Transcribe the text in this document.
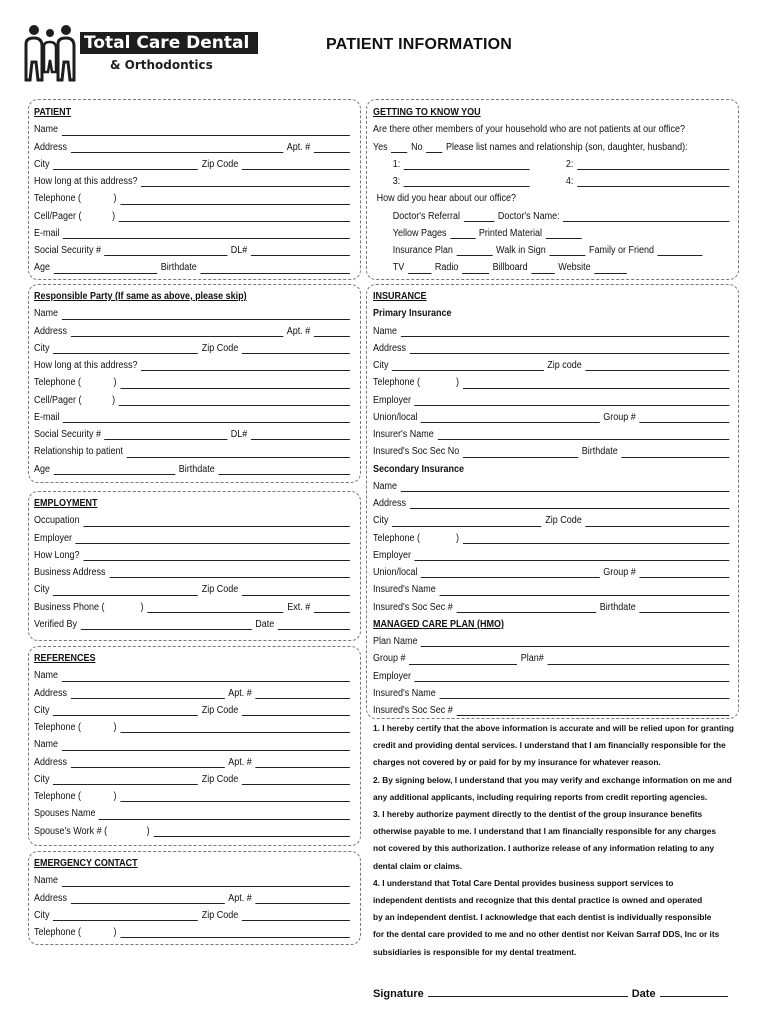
Total Care Dental
& Orthodontics
PATIENT INFORMATION
PATIENT
Name
Address	Apt. #
City	Zip Code
How long at this address?
Telephone (	)
Cell/Pager (	)
E-mail
Social Security #	DL#
Age	Birthdate
Responsible Party (If same as above, please skip)
Name
Address	Apt. #
City	Zip Code
How long at this address?
Telephone (	)
Cell/Pager (	)
E-mail
Social Security #	DL#
Relationship to patient
Age	Birthdate
EMPLOYMENT
Occupation
Employer
How Long?
Business Address
City	Zip Code
Business Phone (	)	Ext. #
Verified By	Date
REFERENCES
Name
Address	Apt. #
City	Zip Code
Telephone (	)
Name
Address	Apt. #
City	Zip Code
Telephone (	)
Spouses Name
Spouse's Work # (	)
EMERGENCY CONTACT
Name
Address	Apt. #
City	Zip Code
Telephone (	)
GETTING TO KNOW YOU
Are there other members of your household who are not patients at our office?
Yes No Please list names and relationship (son, daughter, husband):
1:	2:
3:	4:
How did you hear about our office?
Doctor's Referral	Doctor's Name:
Yellow Pages	Printed Material
Insurance Plan	Walk in Sign	Family or Friend
TV	Radio	Billboard	Website
INSURANCE
Primary Insurance
Name
Address
City	Zip code
Telephone (	)
Employer
Union/local	Group #
Insurer's Name
Insured's Soc Sec No	Birthdate
Secondary Insurance
Name
Address
City	Zip Code
Telephone (	)
Employer
Union/local	Group #
Insured's Name
Insured's Soc Sec #	Birthdate
MANAGED CARE PLAN (HMO)
Plan Name
Group #	Plan#
Employer
Insured's Name
Insured's Soc Sec #

1. I hereby certify that the above information is accurate and will be relied upon for granting

credit and providing dental services. I understand that I am financially responsible for the

charges not covered by or paid for by my insurance for whatever reason.

2. By signing below, I understand that you may verify and exchange information on me and

any additional applicants, including requiring reports from credit reporting agencies.

3. I hereby authorize payment directly to the dentist of the group insurance benefits

otherwise payable to me. I understand that I am financially responsible for any charges

not covered by this authorization. I authorize release of any information relating to any

dental claim or claims.

4. I understand that Total Care Dental provides business support services to

independent dentists and recognize that this dental practice is owned and operated

by an independent dentist. I acknowledge that each dentist is individually responsible

for the dental care provided to me and no other dentist nor Keivan Sarraf DDS, Inc or its

subsidiaries is responsible for my dental treatment.

Signature	Date
